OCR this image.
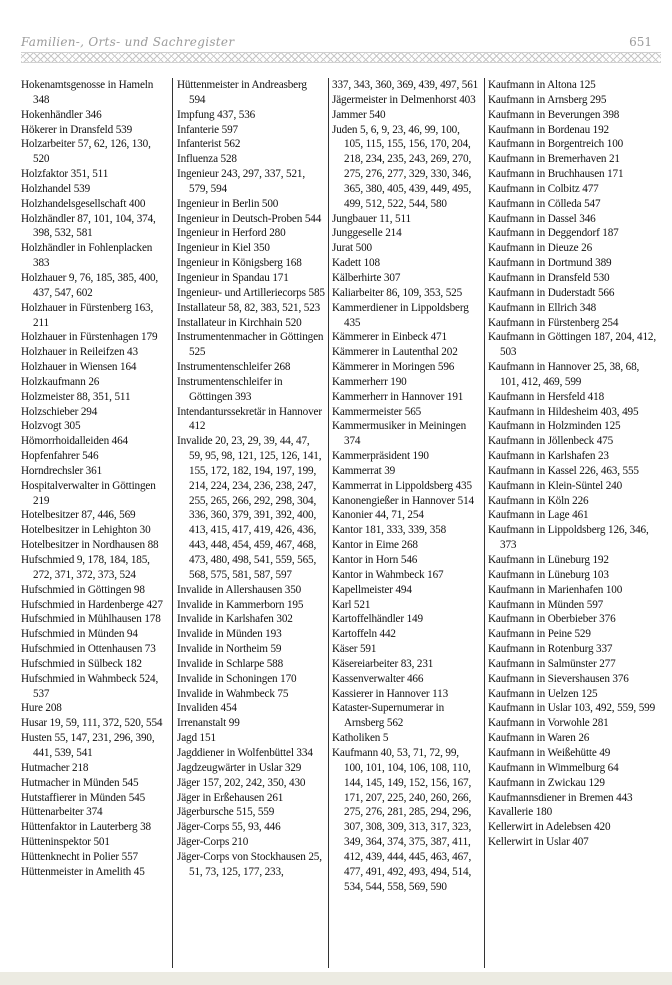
Familien-, Orts- und Sachregister	651
Hokenamtsgenosse in Hameln 348
Hokenhändler 346
Hökerer in Dransfeld 539
Holzarbeiter 57, 62, 126, 130, 520
Holzfaktor 351, 511
Holzhandel 539
Holzhandelsgesellschaft 400
Holzhändler 87, 101, 104, 374, 398, 532, 581
Holzhändler in Fohlenplacken 383
Holzhauer 9, 76, 185, 385, 400, 437, 547, 602
Holzhauer in Fürstenberg 163, 211
Holzhauer in Fürstenhagen 179
Holzhauer in Reileifzen 43
Holzhauer in Wiensen 164
Holzkaufmann 26
Holzmeister 88, 351, 511
Holzschieber 294
Holzvogt 305
Hömorrhoidalleiden 464
Hopfenfahrer 546
Horndrechsler 361
Hospitalverwalter in Göttingen 219
Hotelbesitzer 87, 446, 569
Hotelbesitzer in Lehighton 30
Hotelbesitzer in Nordhausen 88
Hufschmied 9, 178, 184, 185, 272, 371, 372, 373, 524
Hufschmied in Göttingen 98
Hufschmied in Hardenberge 427
Hufschmied in Mühlhausen 178
Hufschmied in Münden 94
Hufschmied in Ottenhausen 73
Hufschmied in Sülbeck 182
Hufschmied in Wahmbeck 524, 537
Hure 208
Husar 19, 59, 111, 372, 520, 554
Husten 55, 147, 231, 296, 390, 441, 539, 541
Hutmacher 218
Hutmacher in Münden 545
Hutstaffierer in Münden 545
Hüttenarbeiter 374
Hüttenfaktor in Lauterberg 38
Hütteninspektor 501
Hüttenknecht in Polier 557
Hüttenmeister in Amelith 45
Hüttenmeister in Andreasberg 594
Impfung 437, 536
Infanterie 597
Infanterist 562
Influenza 528
Ingenieur 243, 297, 337, 521, 579, 594
Ingenieur in Berlin 500
Ingenieur in Deutsch-Proben 544
Ingenieur in Herford 280
Ingenieur in Kiel 350
Ingenieur in Königsberg 168
Ingenieur in Spandau 171
Ingenieur- und Artilleriecorps 585
Installateur 58, 82, 383, 521, 523
Installateur in Kirchhain 520
Instrumentenmacher in Göttingen 525
Instrumentenschleifer 268
Instrumentenschleifer in Göttingen 393
Intendanturssekretär in Hannover 412
Invalide 20, 23, 29, 39, 44, 47, 59, 95, 98, 121, 125, 126, 141, 155, 172, 182, 194, 197, 199, 214, 224, 234, 236, 238, 247, 255, 265, 266, 292, 298, 304, 336, 360, 379, 391, 392, 400, 413, 415, 417, 419, 426, 436, 443, 448, 454, 459, 467, 468, 473, 480, 498, 541, 559, 565, 568, 575, 581, 587, 597
Invalide in Allershausen 350
Invalide in Kammerborn 195
Invalide in Karlshafen 302
Invalide in Münden 193
Invalide in Northeim 59
Invalide in Schlarpe 588
Invalide in Schoningen 170
Invalide in Wahmbeck 75
Invaliden 454
Irrenanstalt 99
Jagd 151
Jagddiener in Wolfenbüttel 334
Jagdzeugwärter in Uslar 329
Jäger 157, 202, 242, 350, 430
Jäger in Erßehausen 261
Jägerbursche 515, 559
Jäger-Corps 55, 93, 446
Jäger-Corps 210
Jäger-Corps von Stockhausen 25, 51, 73, 125, 177, 233,
337, 343, 360, 369, 439, 497, 561
Jägermeister in Delmenhorst 403
Jammer 540
Juden 5, 6, 9, 23, 46, 99, 100, 105, 115, 155, 156, 170, 204, 218, 234, 235, 243, 269, 270, 275, 276, 277, 329, 330, 346, 365, 380, 405, 439, 449, 495, 499, 512, 522, 544, 580
Jungbauer 11, 511
Junggeselle 214
Jurat 500
Kadett 108
Kälberhirte 307
Kaliarbeiter 86, 109, 353, 525
Kammerdiener in Lippoldsberg 435
Kämmerer in Einbeck 471
Kämmerer in Lautenthal 202
Kämmerer in Moringen 596
Kammerherr 190
Kammerherr in Hannover 191
Kammermeister 565
Kammermusiker in Meiningen 374
Kammerpräsident 190
Kammerrat 39
Kammerrat in Lippoldsberg 435
Kanonengießer in Hannover 514
Kanonier 44, 71, 254
Kantor 181, 333, 339, 358
Kantor in Eime 268
Kantor in Horn 546
Kantor in Wahmbeck 167
Kapellmeister 494
Karl 521
Kartoffelhändler 149
Kartoffeln 442
Käser 591
Käsereiarbeiter 83, 231
Kassenverwalter 466
Kassierer in Hannover 113
Kataster-Supernumerar in Arnsberg 562
Katholiken 5
Kaufmann 40, 53, 71, 72, 99, 100, 101, 104, 106, 108, 110, 144, 145, 149, 152, 156, 167, 171, 207, 225, 240, 260, 266, 275, 276, 281, 285, 294, 296, 307, 308, 309, 313, 317, 323, 349, 364, 374, 375, 387, 411, 412, 439, 444, 445, 463, 467, 477, 491, 492, 493, 494, 514, 534, 544, 558, 569, 590
Kaufmann in Altona 125
Kaufmann in Arnsberg 295
Kaufmann in Beverungen 398
Kaufmann in Bordenau 192
Kaufmann in Borgentreich 100
Kaufmann in Bremerhaven 21
Kaufmann in Bruchhausen 171
Kaufmann in Colbitz 477
Kaufmann in Cölleda 547
Kaufmann in Dassel 346
Kaufmann in Deggendorf 187
Kaufmann in Dieuze 26
Kaufmann in Dortmund 389
Kaufmann in Dransfeld 530
Kaufmann in Duderstadt 566
Kaufmann in Ellrich 348
Kaufmann in Fürstenberg 254
Kaufmann in Göttingen 187, 204, 412, 503
Kaufmann in Hannover 25, 38, 68, 101, 412, 469, 599
Kaufmann in Hersfeld 418
Kaufmann in Hildesheim 403, 495
Kaufmann in Holzminden 125
Kaufmann in Jöllenbeck 475
Kaufmann in Karlshafen 23
Kaufmann in Kassel 226, 463, 555
Kaufmann in Klein-Süntel 240
Kaufmann in Köln 226
Kaufmann in Lage 461
Kaufmann in Lippoldsberg 126, 346, 373
Kaufmann in Lüneburg 192
Kaufmann in Lüneburg 103
Kaufmann in Marienhafen 100
Kaufmann in Münden 597
Kaufmann in Oberbieber 376
Kaufmann in Peine 529
Kaufmann in Rotenburg 337
Kaufmann in Salmünster 277
Kaufmann in Sievershausen 376
Kaufmann in Uelzen 125
Kaufmann in Uslar 103, 492, 559, 599
Kaufmann in Vorwohle 281
Kaufmann in Waren 26
Kaufmann in Weißehütte 49
Kaufmann in Wimmelburg 64
Kaufmann in Zwickau 129
Kaufmannsdiener in Bremen 443
Kavallerie 180
Kellerwirt in Adelebsen 420
Kellerwirt in Uslar 407
